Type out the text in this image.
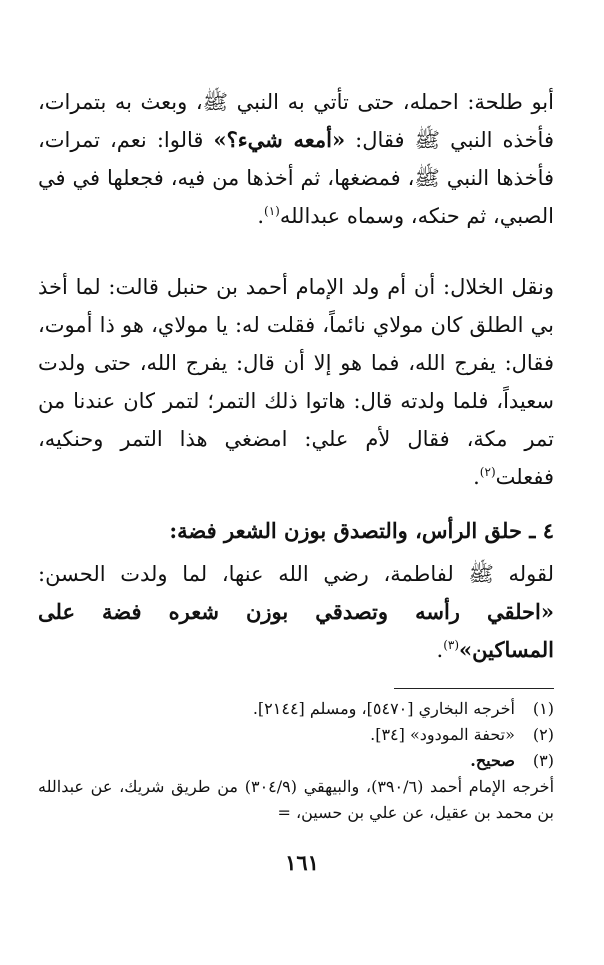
أبو طلحة: احمله، حتى تأتي به النبي ﷺ، وبعث به بتمرات، فأخذه النبي ﷺ فقال: «أمعه شيء؟» قالوا: نعم، تمرات، فأخذها النبي ﷺ، فمضغها، ثم أخذها من فيه، فجعلها في في الصبي، ثم حنكه، وسماه عبدالله$^{(١)}$.
ونقل الخلال: أن أم ولد الإمام أحمد بن حنبل قالت: لما أخذ بي الطلق كان مولاي نائماً، فقلت له: يا مولاي، هو ذا أموت، فقال: يفرج الله، فما هو إلا أن قال: يفرج الله، حتى ولدت سعيداً، فلما ولدته قال: هاتوا ذلك التمر؛ لتمر كان عندنا من تمر مكة، فقال لأم علي: امضغي هذا التمر وحنكيه، ففعلت$^{(٢)}$.
٤ ـ حلق الرأس، والتصدق بوزن الشعر فضة:
لقوله ﷺ لفاطمة، رضي الله عنها، لما ولدت الحسن: «احلقي رأسه وتصدقي بوزن شعره فضة على المساكين»$^{(٣)}$.
(١) أخرجه البخاري [٥٤٧٠]، ومسلم [٢١٤٤].
(٢) «تحفة المودود» [٣٤].
(٣) صحيح.
أخرجه الإمام أحمد (٣٩٠/٦)، والبيهقي (٣٠٤/٩) من طريق شريك، عن عبدالله بن محمد بن عقيل، عن علي بن حسين، =
١٦١
